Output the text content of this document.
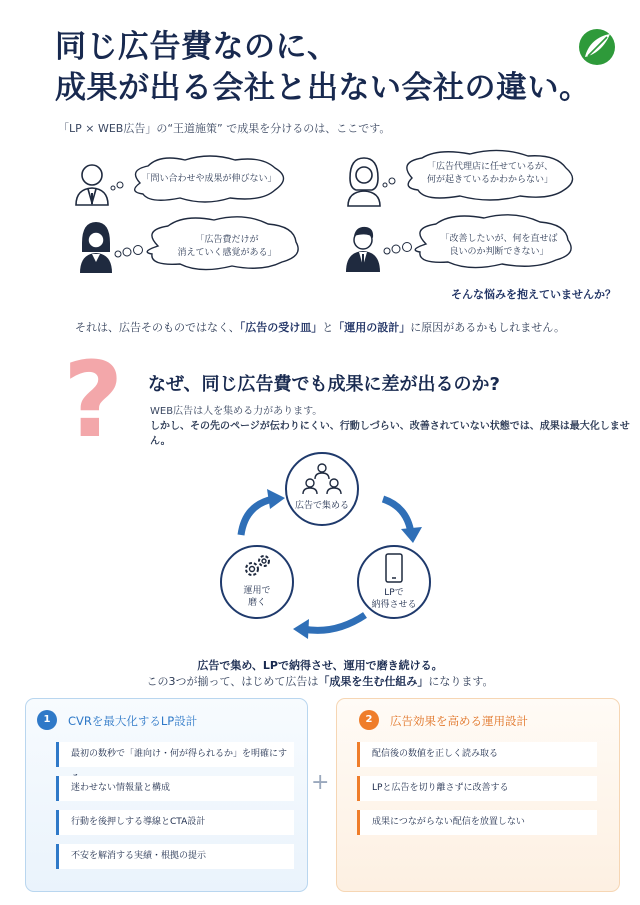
同じ広告費なのに、
成果が出る会社と出ない会社の違い。
「LP × WEB広告」の“王道施策” で成果を分けるのは、ここです。
「問い合わせや成果が伸びない」
「広告代理店に任せているが、
何が起きているかわからない」
「広告費だけが
消えていく感覚がある」
「改善したいが、何を直せば
良いのか判断できない」
そんな悩みを抱えていませんか？
それは、広告そのものではなく、「広告の受け皿」と「運用の設計」に原因があるかもしれません。
? なぜ、同じ広告費でも成果に差が出るのか?
WEB広告は人を集める力があります。
しかし、その先のページが伝わりにくい、行動しづらい、改善されていない状態では、成果は最大化しません。
広告で集める
LPで
納得させる
運用で
磨く
広告で集め、LPで納得させ、運用で磨き続ける。
この3つが揃って、はじめて広告は「成果を生む仕組み」になります。
1	CVRを最大化するLP設計
最初の数秒で「誰向け・何が得られるか」を明確にす
迷わせない情報量と構成
行動を後押しする導線とCTA設計
不安を解消する実績・根拠の提示
+
2	広告効果を高める運用設計
配信後の数値を正しく読み取る
LPと広告を切り離さずに改善する
成果につながらない配信を放置しない
